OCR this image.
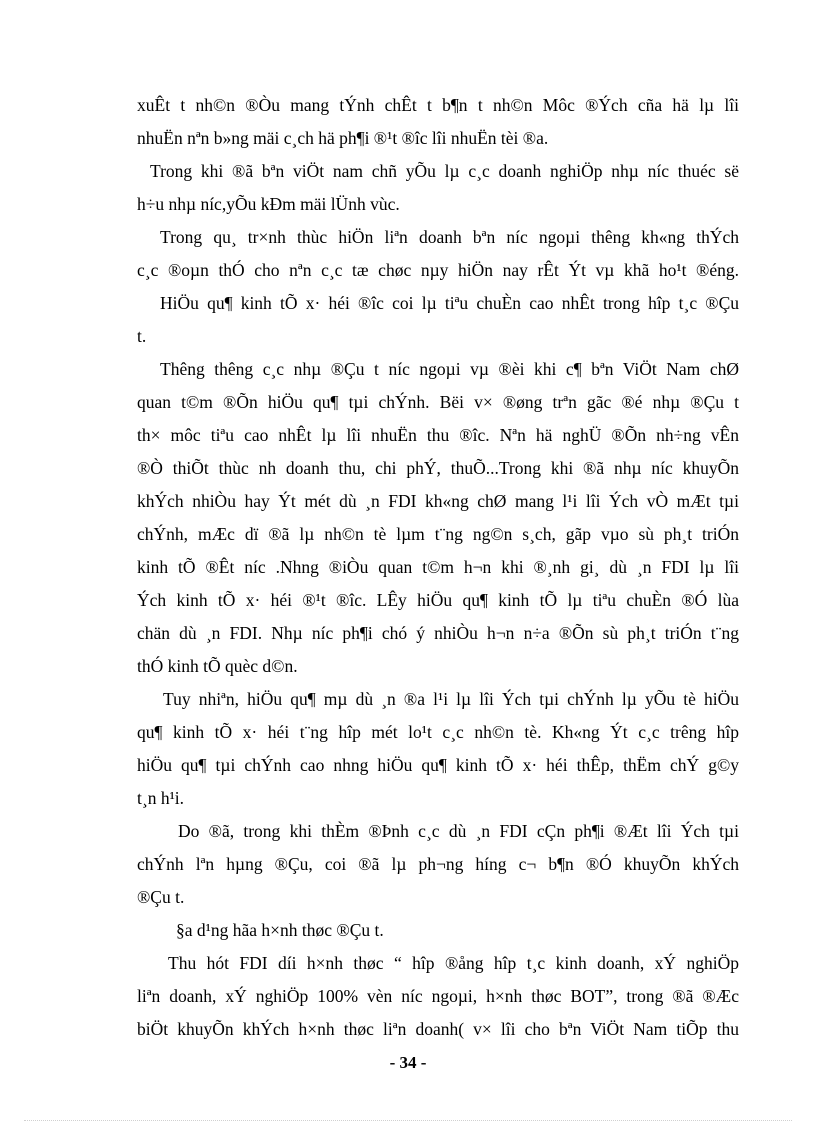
xuÊt t nh©n ®Òu mang tÝnh chÊt t b¶n t nh©n Môc ®Ých cña hä lµ lîi
nhuËn nªn b»ng mäi c¸ch hä ph¶i ®¹t ®îc lîi nhuËn tèi ®a.
Trong khi ®ã bªn viÖt nam chñ yÕu lµ c¸c doanh nghiÖp nhµ níc thuéc së
h÷u nhµ níc,yÕu kÐm mäi lÜnh vùc.
Trong qu¸ tr×nh thùc hiÖn liªn doanh bªn níc ngoµi thêng kh«ng thÝch
c¸c ®oµn thÓ cho nªn c¸c tæ chøc nµy hiÖn nay rÊt Ýt vµ khã ho¹t ®éng.
HiÖu qu¶ kinh tÕ x· héi ®îc coi lµ tiªu chuÈn cao nhÊt trong hîp t¸c ®Çu
t.
Thêng thêng c¸c nhµ ®Çu t níc ngoµi vµ ®èi khi c¶ bªn ViÖt Nam chØ
quan t©m ®Õn hiÖu qu¶ tµi chÝnh. Bëi v× ®øng trªn gãc ®é nhµ ®Çu t
th× môc tiªu cao nhÊt lµ lîi nhuËn thu ®îc. Nªn hä nghÜ ®Õn nh÷ng vÊn
®Ò thiÕt thùc nh doanh thu, chi phÝ, thuÕ...Trong khi ®ã nhµ níc khuyÕn
khÝch nhiÒu hay Ýt mét dù ¸n FDI kh«ng chØ mang l¹i lîi Ých vÒ mÆt tµi
chÝnh, mÆc dï ®ã lµ nh©n tè lµm t¨ng ng©n s¸ch, gãp vµo sù ph¸t triÓn
kinh tÕ ®Êt níc .Nhng ®iÒu quan t©m h¬n khi ®¸nh gi¸ dù ¸n FDI lµ lîi
Ých kinh tÕ x· héi ®¹t ®îc. LÊy hiÖu qu¶ kinh tÕ lµ tiªu chuÈn ®Ó lùa
chän dù ¸n FDI. Nhµ níc ph¶i chó ý nhiÒu h¬n n÷a ®Õn sù ph¸t triÓn t¨ng
thÓ kinh tÕ quèc d©n.
Tuy nhiªn, hiÖu qu¶ mµ dù ¸n ®a l¹i lµ lîi Ých tµi chÝnh lµ yÕu tè hiÖu
qu¶ kinh tÕ x· héi t¨ng hîp mét lo¹t c¸c nh©n tè. Kh«ng Ýt c¸c trêng hîp
hiÖu qu¶ tµi chÝnh cao nhng hiÖu qu¶ kinh tÕ x· héi thÊp, thËm chÝ g©y
t¸n h¹i.
Do ®ã, trong khi thÈm ®Þnh c¸c dù ¸n FDI cÇn ph¶i ®Æt lîi Ých tµi
chÝnh lªn hµng ®Çu, coi ®ã lµ ph¬ng híng c¬ b¶n ®Ó khuyÕn khÝch
®Çu t.
§a d¹ng hãa h×nh thøc ®Çu t.
Thu hót FDI díi h×nh thøc “ hîp ®ång hîp t¸c kinh doanh, xÝ nghiÖp
liªn doanh, xÝ nghiÖp 100% vèn níc ngoµi, h×nh thøc BOT”, trong ®ã ®Æc
biÖt khuyÕn khÝch h×nh thøc liªn doanh( v× lîi cho bªn ViÖt Nam tiÕp thu
- 34 -
